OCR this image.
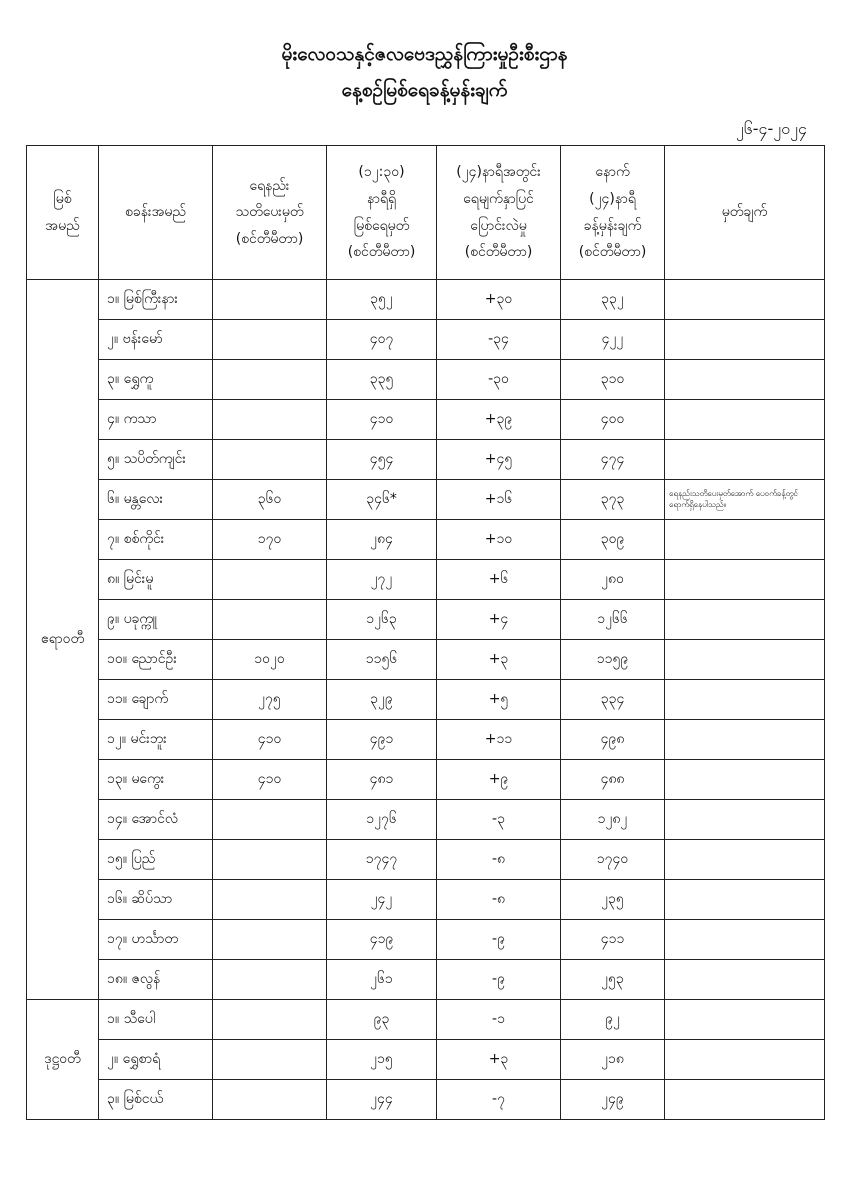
မိုးလေဝသနှင့်ဇလဗေဒညွှန်ကြားမှုဦးစီးဌာန
နေ့စဉ်မြစ်ရေခန့်မှန်းချက်
၂၆-၄-၂၀၂၄
မြစ်
အမည်	စခန်းအမည်	ရေနည်း
သတိပေးမှတ်
(စင်တီမီတာ)	(၁၂:၃၀)
နာရီရှိ
မြစ်ရေမှတ်
(စင်တီမီတာ)	(၂၄)နာရီအတွင်း
ရေမျက်နှာပြင်
ပြောင်းလဲမှု
(စင်တီမီတာ)	နောက်
(၂၄)နာရီ
ခန့်မှန်းချက်
(စင်တီမီတာ)	မှတ်ချက်

ဧရာဝတီ	၁။ မြစ်ကြီးနား		၃၅၂	+၃၀	၃၃၂	
	၂။ ဗန်းမော်		၄၀၇	-၃၄	၄၂၂	
	၃။ ရွှေကူ		၃၃၅	-၃၀	၃၁၀	
	၄။ ကသာ		၄၁၀	+၃၉	၄၀၀	
	၅။ သပိတ်ကျင်း		၄၅၄	+၄၅	၄၇၄	
	၆။ မန္တလေး	၃၆၀	၃၄၆*	+၁၆	၃၇၃	ရေနည်းသတိပေးမှတ်အောက် ပေ၀က်ခန့်တွင် ရောက်ရှိနေပါသည်။
	၇။ စစ်ကိုင်း	၁၇၀	၂၈၄	+၁၀	၃၀၉	
	၈။ မြင်းမူ		၂၇၂	+၆	၂၈၀	
	၉။ ပခုက္ကူ		၁၂၆၃	+၄	၁၂၆၆	
	၁၀။ ညောင်ဦး	၁၀၂၀	၁၁၅၆	+၃	၁၁၅၉	
	၁၁။ ချောက်	၂၇၅	၃၂၉	+၅	၃၃၄	
	၁၂။ မင်းဘူး	၄၁၀	၄၉၁	+၁၁	၄၉၈	
	၁၃။ မကွေး	၄၁၀	၄၈၁	+၉	၄၈၈	
	၁၄။ အောင်လံ		၁၂၇၆	-၃	၁၂၈၂	
	၁၅။ ပြည်		၁၇၄၇	-၈	၁၇၄၀	
	၁၆။ ဆိပ်သာ		၂၄၂	-၈	၂၃၅	
	၁၇။ ဟင်္သာတ		၄၁၉	-၉	၄၁၁	
	၁၈။ ဇလွန်		၂၆၁	-၉	၂၅၃	
ဒုဋ္ဌဝတီ	၁။ သီပေါ		၉၃	-၁	၉၂	
	၂။ ရွှေစာရံ		၂၁၅	+၃	၂၁၈	
	၃။ မြစ်ငယ်		၂၄၄	-၇	၂၄၉	
